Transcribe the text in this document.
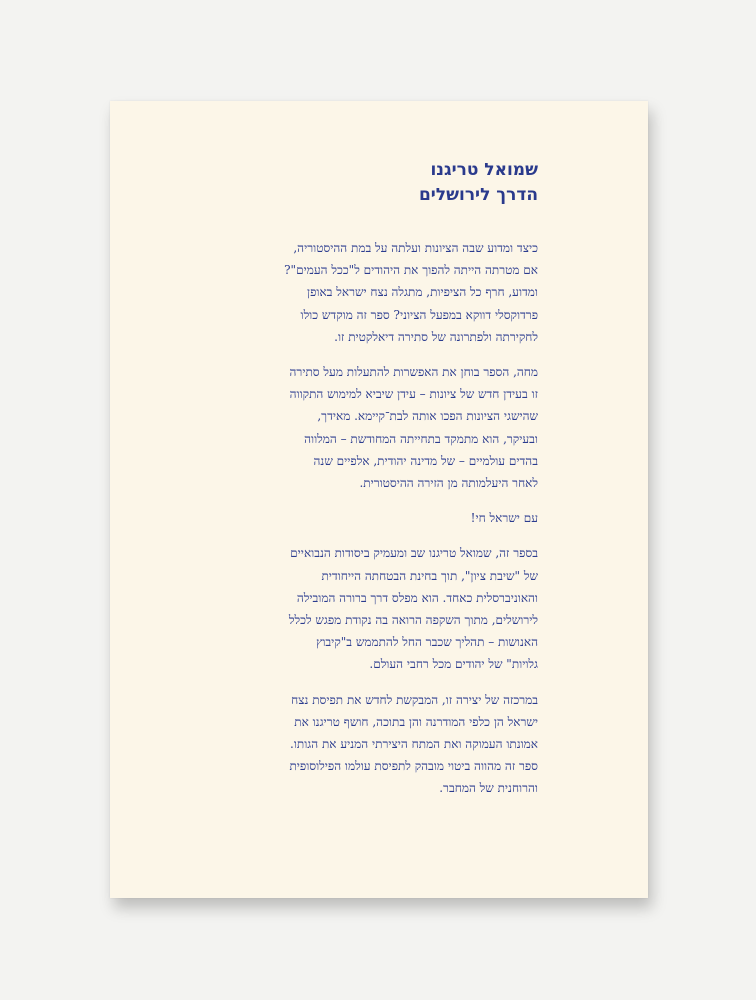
שמואל טריגנו
הדרך לירושלים

כיצד ומדוע שבה הציונות ועלתה על במת ההיסטוריה,
אם מטרתה הייתה להפוך את היהודים ל"ככל העמים"?
ומדוע, חרף כל הציפיות, מתגלה נצח ישראל באופן
פרדוקסלי דווקא במפעל הציוני? ספר זה מוקדש כולו
לחקירתה ולפתרונה של סתירה דיאלקטית זו.

מחה, הספר בוחן את האפשרות להתעלות מעל סתירה
זו בעידן חדש של ציונות – עידן שיביא למימוש התקווה
שהישגי הציונות הפכו אותה לבת־קיימא. מאידך,
ובעיקר, הוא מתמקד בתחייתה המחודשת – המלווה
בהדים עולמיים – של מדינה יהודית, אלפיים שנה
לאחר היעלמותה מן הזירה ההיסטורית.

עם ישראל חי!

בספר זה, שמואל טריגנו שב ומעמיק ביסודות הנבואיים
של "שיבת ציון", תוך בחינת הבטחתה הייחודית
והאוניברסלית כאחד. הוא מפלס דרך ברורה המובילה
לירושלים, מתוך השקפה הרואה בה נקודת מפגש לכלל
האנושות – תהליך שכבר החל להתממש ב"קיבוץ
גלויות" של יהודים מכל רחבי העולם.

במרכזה של יצירה זו, המבקשת לחדש את תפיסת נצח
ישראל הן כלפי המודרנה והן בתוכה, חושף טריגנו את
אמונתו העמוקה ואת המתח היצירתי המניע את הגותו.
ספר זה מהווה ביטוי מובהק לתפיסת עולמו הפילוסופית
והרוחנית של המחבר.
